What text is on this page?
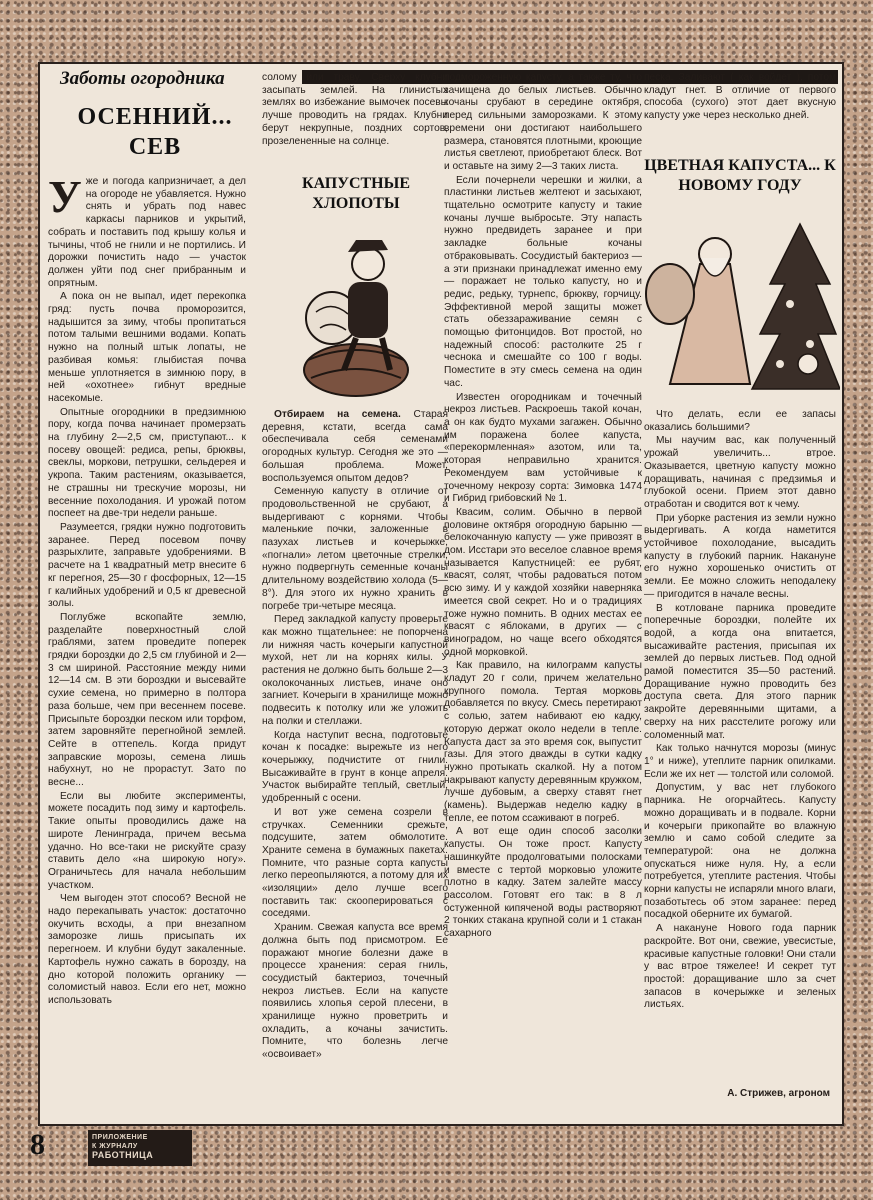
Заботы огородника
ОСЕННИЙ... СЕВ

Уже и погода капризничает, а дел на огороде не убавляется. Нужно снять и убрать под навес каркасы парников и укрытий, собрать и поставить под крышу колья и тычины, чтоб не гнили и не портились. И дорожки почистить надо — участок должен уйти под снег прибранным и опрятным.

А пока он не выпал, идет перекопка гряд: пусть почва проморозится, надышится за зиму, чтобы пропитаться потом талыми вешними водами. Копать нужно на полный штык лопаты, не разбивая комья: глыбистая почва меньше уплотняется в зимнюю пору, в ней «охотнее» гибнут вредные насекомые.

Опытные огородники в предзимнюю пору, когда почва начинает промерзать на глубину 2—2,5 см, приступают... к посеву овощей: редиса, репы, брюквы, свеклы, моркови, петрушки, сельдерея и укропа. Таким растениям, оказывается, не страшны ни трескучие морозы, ни весенние похолодания. И урожай потом поспеет на две-три недели раньше.

Разумеется, грядки нужно подготовить заранее. Перед посевом почву разрыхлите, заправьте удобрениями. В расчете на 1 квадратный метр внесите 6 кг перегноя, 25—30 г фосфорных, 12—15 г калийных удобрений и 0,5 кг древесной золы.

Поглубже вскопайте землю, разделайте поверхностный слой граблями, затем проведите поперек грядки бороздки до 2,5 см глубиной и 2—3 см шириной. Расстояние между ними 12—14 см. В эти бороздки и высевайте сухие семена, но примерно в полтора раза больше, чем при весеннем посеве. Присыпьте бороздки песком или торфом, затем заровняйте перегнойной землей. Сейте в оттепель. Когда придут заправские морозы, семена лишь набухнут, но не прорастут. Зато по весне...

Если вы любите эксперименты, можете посадить под зиму и картофель. Такие опыты проводились даже на широте Ленинграда, причем весьма удачно. Но все-таки не рискуйте сразу ставить дело «на широкую ногу». Ограничьтесь для начала небольшим участком.

Чем выгоден этот способ? Весной не надо перекапывать участок: достаточно окучить всходы, а при внезапном заморозке лишь присыпать их перегноем. И клубни будут закаленные. Картофель нужно сажать в борозду, на дно которой положить органику — соломистый навоз. Если его нет, можно использовать

солому или траву. Сверху клубни засыпать землей. На глинистых землях во избежание вымочек посевы лучше проводить на грядах. Клубни берут некрупные, поздних сортов, прозелененные на солнце.

КАПУСТНЫЕ ХЛОПОТЫ

Отбираем на семена. Старая деревня, кстати, всегда сама обеспечивала себя семенами огородных культур. Сегодня же это — большая проблема. Может, воспользуемся опытом дедов?

Семенную капусту в отличие от продовольственной не срубают, а выдергивают с корнями. Чтобы маленькие почки, заложенные в пазухах листьев и кочерыжке, «погнали» летом цветочные стрелки, нужно подвергнуть семенные кочаны длительному воздействию холода (5—8°). Для этого их нужно хранить в погребе три-четыре месяца.

Перед закладкой капусту проверьте как можно тщательнее: не попорчена ли нижняя часть кочерыги капустной мухой, нет ли на корнях килы. У растения не должно быть больше 2—3 околокочанных листьев, иначе оно загниет. Кочерыги в хранилище можно подвесить к потолку или же уложить на полки и стеллажи.

Когда наступит весна, подготовьте кочан к посадке: вырежьте из него кочерыжку, подчистите от гнили. Высаживайте в грунт в конце апреля. Участок выбирайте теплый, светлый, удобренный с осени.

И вот уже семена созрели в стручках. Семенники срежьте, подсушите, затем обмолотите. Храните семена в бумажных пакетах. Помните, что разные сорта капусты легко переопыляются, а потому для их «изоляции» дело лучше всего поставить так: скооперироваться с соседями.

Храним. Свежая капуста все время должна быть под присмотром. Ее поражают многие болезни даже в процессе хранения: серая гниль, сосудистый бактериоз, точечный некроз листьев. Если на капусте появились хлопья серой плесени, в хранилище нужно проветрить и охладить, а кочаны зачистить. Помните, что болезнь легче «освоивает»

подмороженную капусту, а также ту, что зачищена до белых листьев. Обычно кочаны срубают в середине октября, перед сильными заморозками. К этому времени они достигают наибольшего размера, становятся плотными, кроющие листья светлеют, приобретают блеск. Вот и оставьте на зиму 2—3 таких листа.

Если почернели черешки и жилки, а пластинки листьев желтеют и засыхают, тщательно осмотрите капусту и такие кочаны лучше выбросьте. Эту напасть нужно предвидеть заранее и при закладке больные кочаны отбраковывать. Сосудистый бактериоз — а эти признаки принадлежат именно ему — поражает не только капусту, но и редис, редьку, турнепс, брюкву, горчицу. Эффективной мерой защиты может стать обеззараживание семян с помощью фитонцидов. Вот простой, но надежный способ: растолките 25 г чеснока и смешайте со 100 г воды. Поместите в эту смесь семена на один час.

Известен огородникам и точечный некроз листьев. Раскроешь такой кочан, а он как будто мухами загажен. Обычно им поражена более капуста, «перекормленная» азотом, или та, которая неправильно хранится. Рекомендуем вам устойчивые к точечному некрозу сорта: Зимовка 1474 и Гибрид грибовский № 1.

Квасим, солим. Обычно в первой половине октября огородную барыню — белокочанную капусту — уже привозят в дом. Исстари это веселое славное время называется Капустницей: ее рубят, квасят, солят, чтобы радоваться потом всю зиму. И у каждой хозяйки наверняка имеется свой секрет. Но и о традициях тоже нужно помнить. В одних местах ее квасят с яблоками, в других — с виноградом, но чаще всего обходятся одной морковкой.

Как правило, на килограмм капусты кладут 20 г соли, причем желательно крупного помола. Тертая морковь добавляется по вкусу. Смесь перетирают с солью, затем набивают ею кадку, которую держат около недели в тепле. Капуста даст за это время сок, выпустит газы. Для этого дважды в сутки кадку нужно протыкать скалкой. Ну а потом накрывают капусту деревянным кружком, лучше дубовым, а сверху ставят гнет (камень). Выдержав неделю кадку в тепле, ее потом ссаживают в погреб.

А вот еще один способ засолки капусты. Он тоже прост. Капусту нашинкуйте продолговатыми полосками и вместе с тертой морковью уложите плотно в кадку. Затем залейте массу рассолом. Готовят его так: в 8 л остуженной кипяченой воды растворяют 2 тонких стакана крупной соли и 1 стакан сахарного

песка. Заливают ( как войдет ), потом кладут гнет. В отличие от первого способа (сухого) этот дает вкусную капусту уже через несколько дней.

ЦВЕТНАЯ КАПУСТА... К НОВОМУ ГОДУ

Что делать, если ее запасы оказались большими?

Мы научим вас, как полученный урожай увеличить... втрое. Оказывается, цветную капусту можно доращивать, начиная с предзимья и глубокой осени. Прием этот давно отработан и сводится вот к чему.

При уборке растения из земли нужно выдергивать. А когда наметится устойчивое похолодание, высадить капусту в глубокий парник. Накануне его нужно хорошенько очистить от земли. Ее можно сложить неподалеку — пригодится в начале весны.

В котловане парника проведите поперечные бороздки, полейте их водой, а когда она впитается, высаживайте растения, присыпая их землей до первых листьев. Под одной рамой поместится 35—50 растений. Доращивание нужно проводить без доступа света. Для этого парник закройте деревянными щитами, а сверху на них расстелите рогожу или соломенный мат.

Как только начнутся морозы (минус 1° и ниже), утеплите парник опилками. Если же их нет — толстой или соломой.

Допустим, у вас нет глубокого парника. Не огорчайтесь. Капусту можно доращивать и в подвале. Корни и кочерыги прикопайте во влажную землю и само собой следите за температурой: она не должна опускаться ниже нуля. Ну, а если потребуется, утеплите растения. Чтобы корни капусты не испаряли много влаги, позаботьтесь об этом заранее: перед посадкой оберните их бумагой.

А накануне Нового года парник раскройте. Вот они, свежие, увесистые, красивые капустные головки! Они стали у вас втрое тяжелее! И секрет тут простой: доращивание шло за счет запасов в кочерыжке и зеленых листьях.

А. Стрижев, агроном
8	ПРИЛОЖЕНИЕ
К ЖУРНАЛУ
РАБОТНИЦА
